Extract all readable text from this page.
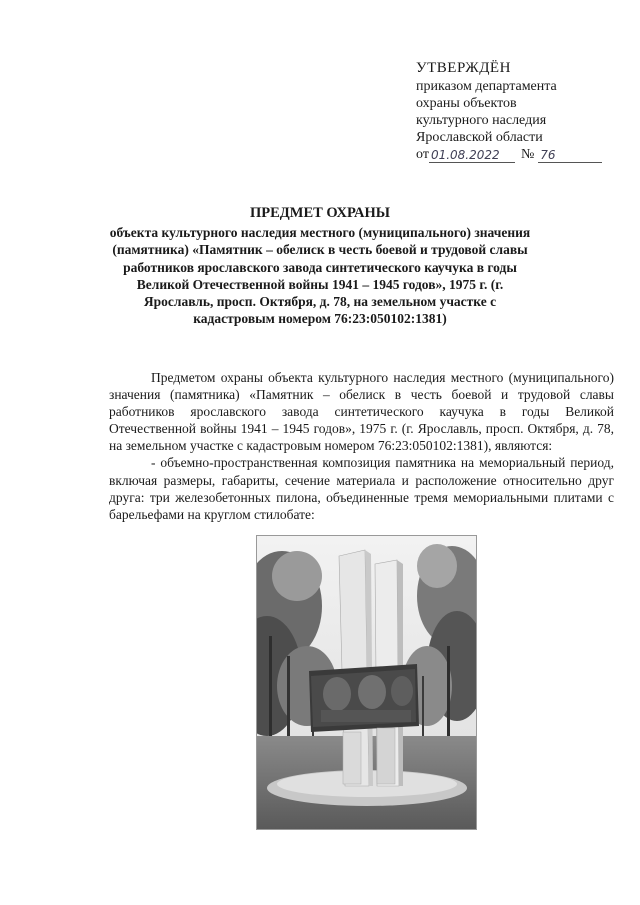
УТВЕРЖДЁН
приказом департамента
охраны объектов
культурного наследия
Ярославской области
от 01.08.2022	№ 76
ПРЕДМЕТ ОХРАНЫ
объекта культурного наследия местного (муниципального) значения (памятника) «Памятник – обелиск в честь боевой и трудовой славы работников ярославского завода синтетического каучука в годы Великой Отечественной войны 1941 – 1945 годов», 1975 г. (г. Ярославль, просп. Октября, д. 78, на земельном участке с кадастровым номером 76:23:050102:1381)

Предметом охраны объекта культурного наследия местного (муниципального) значения (памятника) «Памятник – обелиск в честь боевой и трудовой славы работников ярославского завода синтетического каучука в годы Великой Отечественной войны 1941 – 1945 годов», 1975 г. (г. Ярославль, просп. Октября, д. 78, на земельном участке с кадастровым номером 76:23:050102:1381), являются:

- объемно-пространственная композиция памятника на мемориальный период, включая размеры, габариты, сечение материала и расположение относительно друг друга: три железобетонных пилона, объединенные тремя мемориальными плитами с барельефами на круглом стилобате:
